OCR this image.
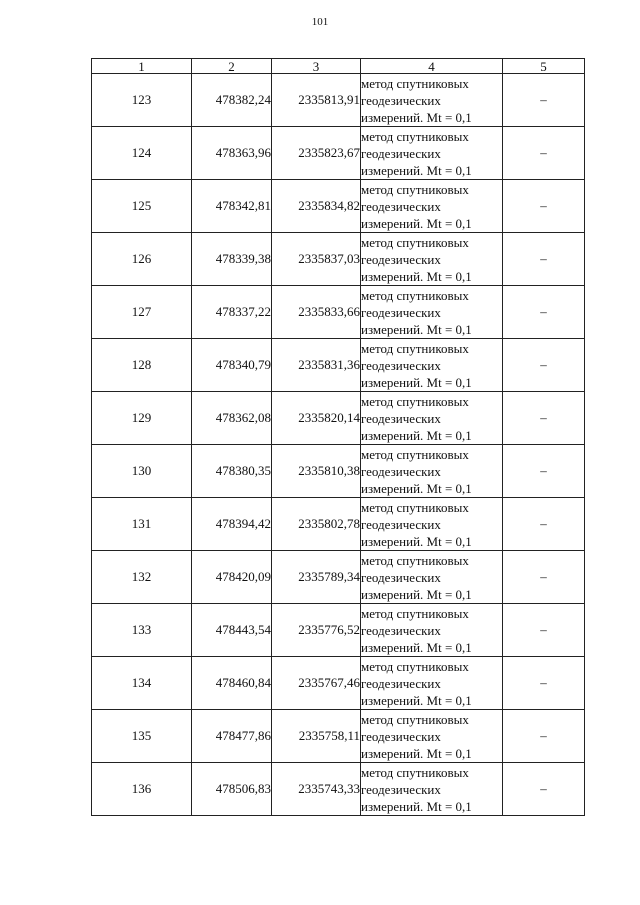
101
1	2	3	4	5
123	478382,24	2335813,91	метод спутниковых
геодезических
измерений. Mt = 0,1	–
124	478363,96	2335823,67	метод спутниковых
геодезических
измерений. Mt = 0,1	–
125	478342,81	2335834,82	метод спутниковых
геодезических
измерений. Mt = 0,1	–
126	478339,38	2335837,03	метод спутниковых
геодезических
измерений. Mt = 0,1	–
127	478337,22	2335833,66	метод спутниковых
геодезических
измерений. Mt = 0,1	–
128	478340,79	2335831,36	метод спутниковых
геодезических
измерений. Mt = 0,1	–
129	478362,08	2335820,14	метод спутниковых
геодезических
измерений. Mt = 0,1	–
130	478380,35	2335810,38	метод спутниковых
геодезических
измерений. Mt = 0,1	–
131	478394,42	2335802,78	метод спутниковых
геодезических
измерений. Mt = 0,1	–
132	478420,09	2335789,34	метод спутниковых
геодезических
измерений. Mt = 0,1	–
133	478443,54	2335776,52	метод спутниковых
геодезических
измерений. Mt = 0,1	–
134	478460,84	2335767,46	метод спутниковых
геодезических
измерений. Mt = 0,1	–
135	478477,86	2335758,11	метод спутниковых
геодезических
измерений. Mt = 0,1	–
136	478506,83	2335743,33	метод спутниковых
геодезических
измерений. Mt = 0,1	–
